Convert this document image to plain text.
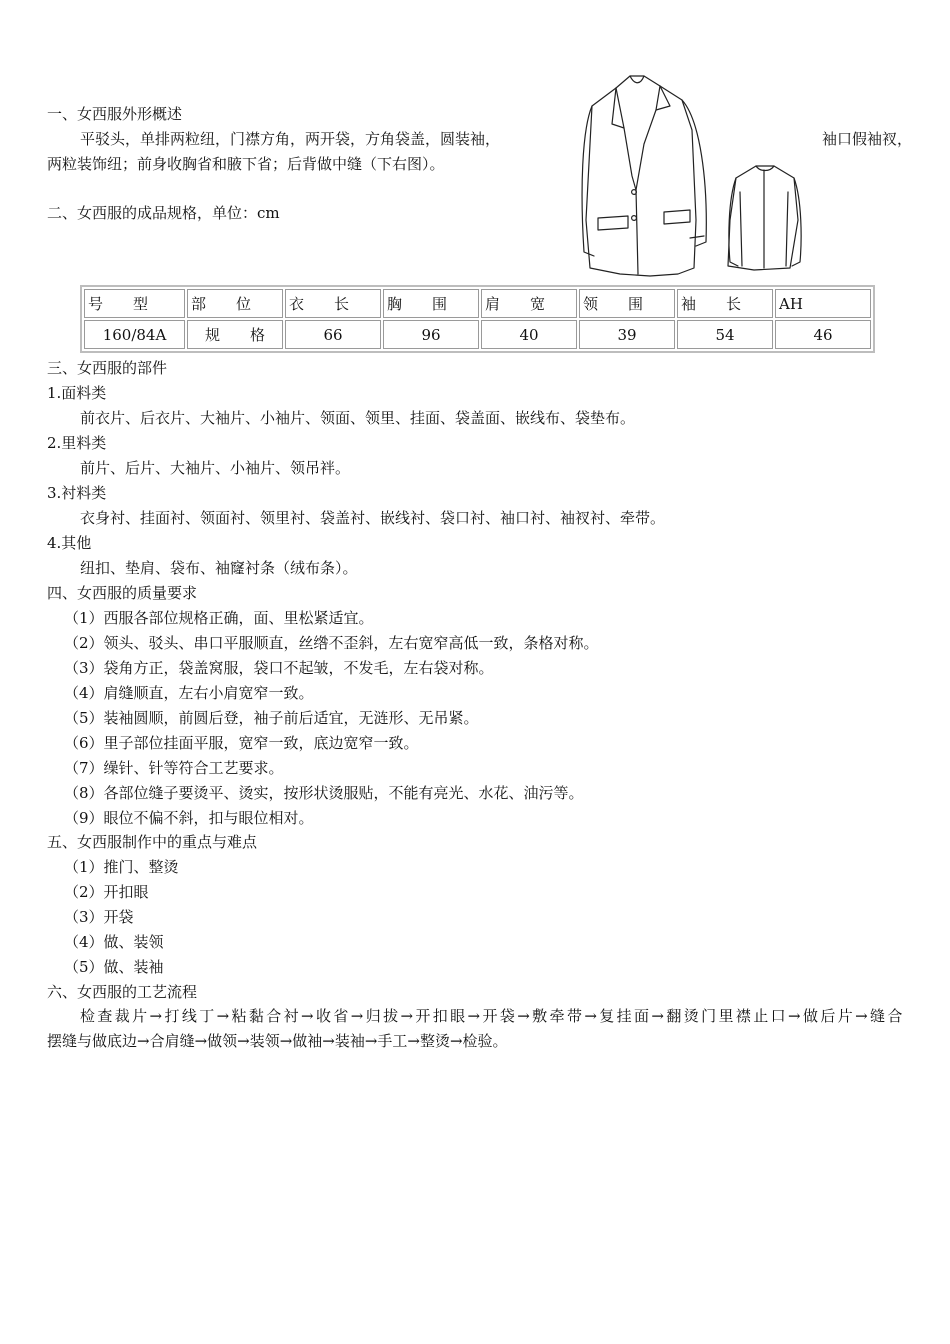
一、女西服外形概述
平驳头，单排两粒纽，门襟方角，两开袋，方角袋盖，圆装袖，	袖口假袖衩，
两粒装饰纽；前身收胸省和腋下省；后背做中缝（下右图）。
二、女西服的成品规格，单位：cm
号　　型	部　　位	衣　　长	胸　　围	肩　　宽	领　　围	袖　　长	AH
160/84A	规　　格	66	96	40	39	54	46
三、女西服的部件
1.面料类
前衣片、后衣片、大袖片、小袖片、领面、领里、挂面、袋盖面、嵌线布、袋垫布。
2.里料类
前片、后片、大袖片、小袖片、领吊袢。
3.衬料类
衣身衬、挂面衬、领面衬、领里衬、袋盖衬、嵌线衬、袋口衬、袖口衬、袖衩衬、牵带。
4.其他
纽扣、垫肩、袋布、袖窿衬条（绒布条）。
四、女西服的质量要求
（1）西服各部位规格正确，面、里松紧适宜。
（2）领头、驳头、串口平服顺直，丝绺不歪斜，左右宽窄高低一致，条格对称。
（3）袋角方正，袋盖窝服，袋口不起皱，不发毛，左右袋对称。
（4）肩缝顺直，左右小肩宽窄一致。
（5）装袖圆顺，前圆后登，袖子前后适宜，无涟形、无吊紧。
（6）里子部位挂面平服，宽窄一致，底边宽窄一致。
（7）缲针、针等符合工艺要求。
（8）各部位缝子要烫平、烫实，按形状烫服贴，不能有亮光、水花、油污等。
（9）眼位不偏不斜，扣与眼位相对。
五、女西服制作中的重点与难点
（1）推门、整烫
（2）开扣眼
（3）开袋
（4）做、装领
（5）做、装袖
六、女西服的工艺流程
检查裁片→打线丁→粘黏合衬→收省→归拔→开扣眼→开袋→敷牵带→复挂面→翻烫门里襟止口→做后片→缝合
摆缝与做底边→合肩缝→做领→装领→做袖→装袖→手工→整烫→检验。
